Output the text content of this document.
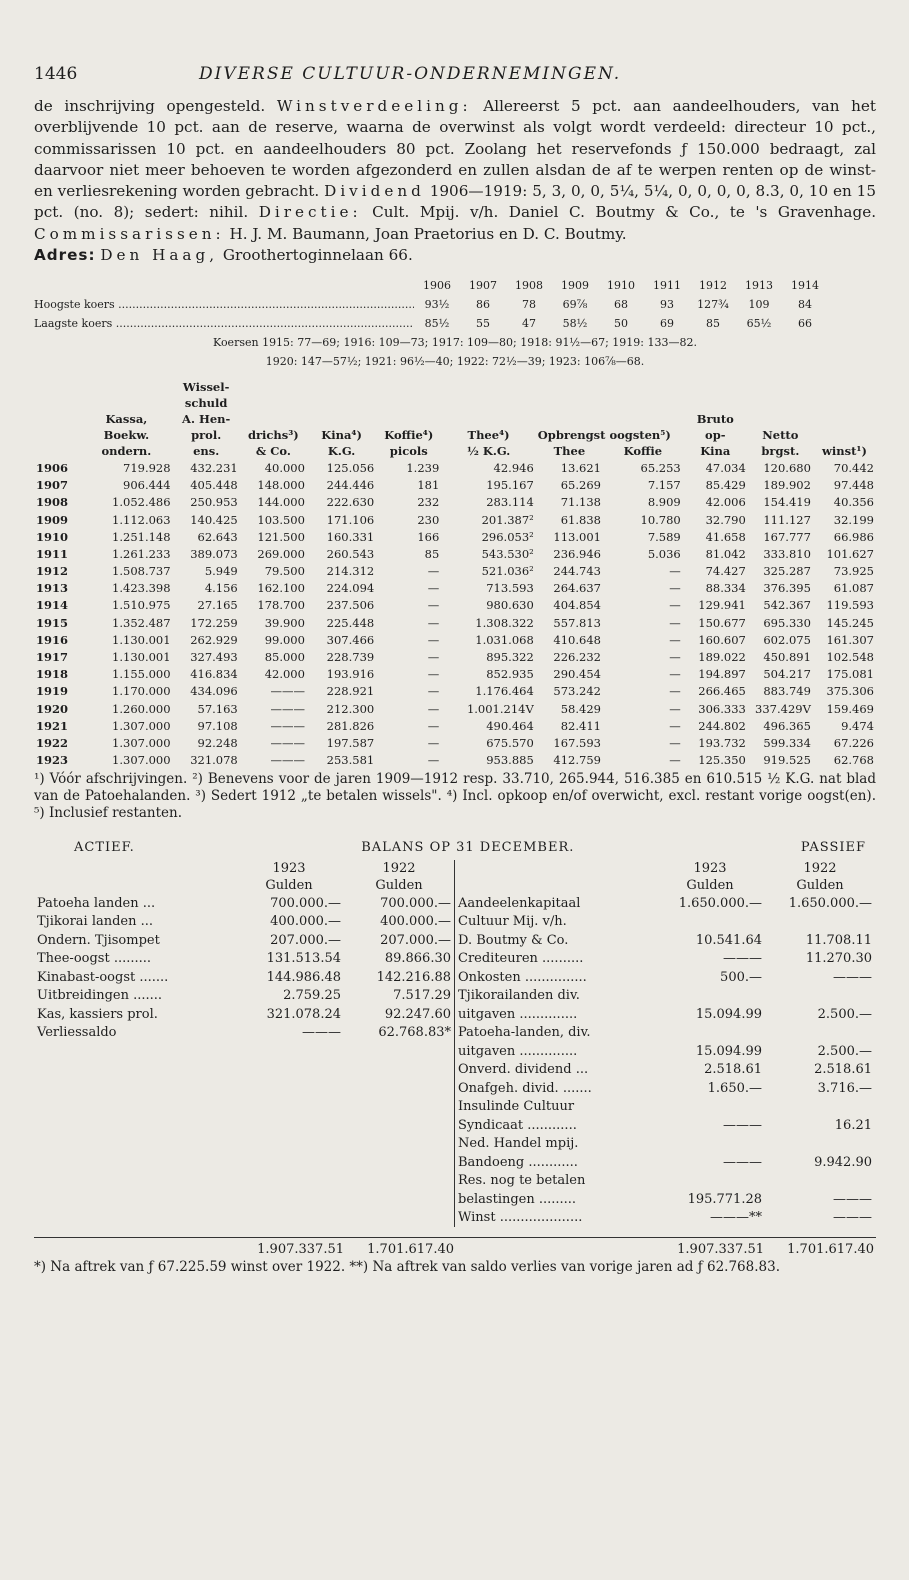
1446	DIVERSE CULTUUR-ONDERNEMINGEN.

de inschrijving opengesteld. Winstverdeeling: Allereerst 5 pct. aan aandeelhouders, van het overblijvende 10 pct. aan de reserve, waarna de overwinst als volgt wordt verdeeld: directeur 10 pct., commissarissen 10 pct. en aandeelhouders 80 pct. Zoolang het reservefonds ƒ 150.000 bedraagt, zal daarvoor niet meer behoeven te worden afgezonderd en zullen alsdan de af te werpen renten op de winst- en verliesrekening worden gebracht. Dividend 1906—1919: 5, 3, 0, 0, 5¼, 5¼, 0, 0, 0, 0, 8.3, 0, 10 en 15 pct. (no. 8); sedert: nihil. Directie: Cult. Mpij. v/h. Daniel C. Boutmy & Co., te 's Gravenhage. Commissarissen: H. J. M. Baumann, Joan Praetorius en D. C. Boutmy.

Adres: Den Haag, Groothertoginnelaan 66.

1906	1907	1908	1909	1910	1911	1912	1913	1914
Hoogste koers .....	93½	86	78	69⅞	68	93	127¾	109	84
Laagste koers .....	85½	55	47	58½	50	69	85	65½	66
Koersen 1915: 77—69; 1916: 109—73; 1917: 109—80; 1918: 91½—67; 1919: 133—82.
1920: 147—57½; 1921: 96½—40; 1922: 72½—39; 1923: 106⅞—68.
		Wissel-									
		schuld									
	Kassa,	A. Hen-							Bruto		
	Boekw.	prol.	drichs³)	Kina⁴)	Koffie⁴)	Thee⁴)	Opbrengst oogsten⁵)		op-	Netto	
	ondern.	ens.	& Co.	K.G.	picols	½ K.G.	Thee	Koffie	Kina	brgst.	winst¹)
1906	719.928	432.231	40.000	125.056	1.239	42.946	13.621	65.253	47.034	120.680	70.442
1907	906.444	405.448	148.000	244.446	181	195.167	65.269	7.157	85.429	189.902	97.448
1908	1.052.486	250.953	144.000	222.630	232	283.114	71.138	8.909	42.006	154.419	40.356
1909	1.112.063	140.425	103.500	171.106	230	201.387²	61.838	10.780	32.790	111.127	32.199
1910	1.251.148	62.643	121.500	160.331	166	296.053²	113.001	7.589	41.658	167.777	66.986
1911	1.261.233	389.073	269.000	260.543	85	543.530²	236.946	5.036	81.042	333.810	101.627
1912	1.508.737	5.949	79.500	214.312	—	521.036²	244.743	—	74.427	325.287	73.925
1913	1.423.398	4.156	162.100	224.094	—	713.593	264.637	—	88.334	376.395	61.087
1914	1.510.975	27.165	178.700	237.506	—	980.630	404.854	—	129.941	542.367	119.593
1915	1.352.487	172.259	39.900	225.448	—	1.308.322	557.813	—	150.677	695.330	145.245
1916	1.130.001	262.929	99.000	307.466	—	1.031.068	410.648	—	160.607	602.075	161.307
1917	1.130.001	327.493	85.000	228.739	—	895.322	226.232	—	189.022	450.891	102.548
1918	1.155.000	416.834	42.000	193.916	—	852.935	290.454	—	194.897	504.217	175.081
1919	1.170.000	434.096	———	228.921	—	1.176.464	573.242	—	266.465	883.749	375.306
1920	1.260.000	57.163	———	212.300	—	1.001.214V	58.429	—	306.333	337.429V	159.469
1921	1.307.000	97.108	———	281.826	—	490.464	82.411	—	244.802	496.365	9.474
1922	1.307.000	92.248	———	197.587	—	675.570	167.593	—	193.732	599.334	67.226
1923	1.307.000	321.078	———	253.581	—	953.885	412.759	—	125.350	919.525	62.768
¹) Vóór afschrijvingen. ²) Benevens voor de jaren 1909—1912 resp. 33.710, 265.944, 516.385 en 610.515 ½ K.G. nat blad van de Patoehalanden. ³) Sedert 1912 „te betalen wissels". ⁴) Incl. opkoop en/of overwicht, excl. restant vorige oogst(en). ⁵) Inclusief restanten.
ACTIEF.	BALANS OP 31 DECEMBER.	PASSIEF
	1923	1922
	Gulden	Gulden
Patoeha landen ...	700.000.—	700.000.—
Tjikorai landen ...	400.000.—	400.000.—
Ondern. Tjisompet	207.000.—	207.000.—
Thee-oogst .........	131.513.54	89.866.30
Kinabast-oogst .......	144.986.48	142.216.88
Uitbreidingen .......	2.759.25	7.517.29
Kas, kassiers prol.	321.078.24	92.247.60
Verliessaldo	———	62.768.83*
	1923	1922
	Gulden	Gulden
Aandeelenkapitaal	1.650.000.—	1.650.000.—
Cultuur Mij. v/h.		
D. Boutmy & Co.	10.541.64	11.708.11
Crediteuren ..........	———	11.270.30
Onkosten ...............	500.—	———
Tjikorailanden div.		
uitgaven ..............	15.094.99	2.500.—
Patoeha-landen, div.		
uitgaven ..............	15.094.99	2.500.—
Onverd. dividend ...	2.518.61	2.518.61
Onafgeh. divid. .......	1.650.—	3.716.—
Insulinde Cultuur		
Syndicaat ............	———	16.21
Ned. Handel mpij.		
Bandoeng ............	———	9.942.90
Res. nog te betalen		
belastingen .........	195.771.28	———
Winst ....................	———**	———
1.907.337.51	1.701.617.40	1.907.337.51	1.701.617.40
*) Na aftrek van ƒ 67.225.59 winst over 1922. **) Na aftrek van saldo verlies van vorige jaren ad ƒ 62.768.83.
